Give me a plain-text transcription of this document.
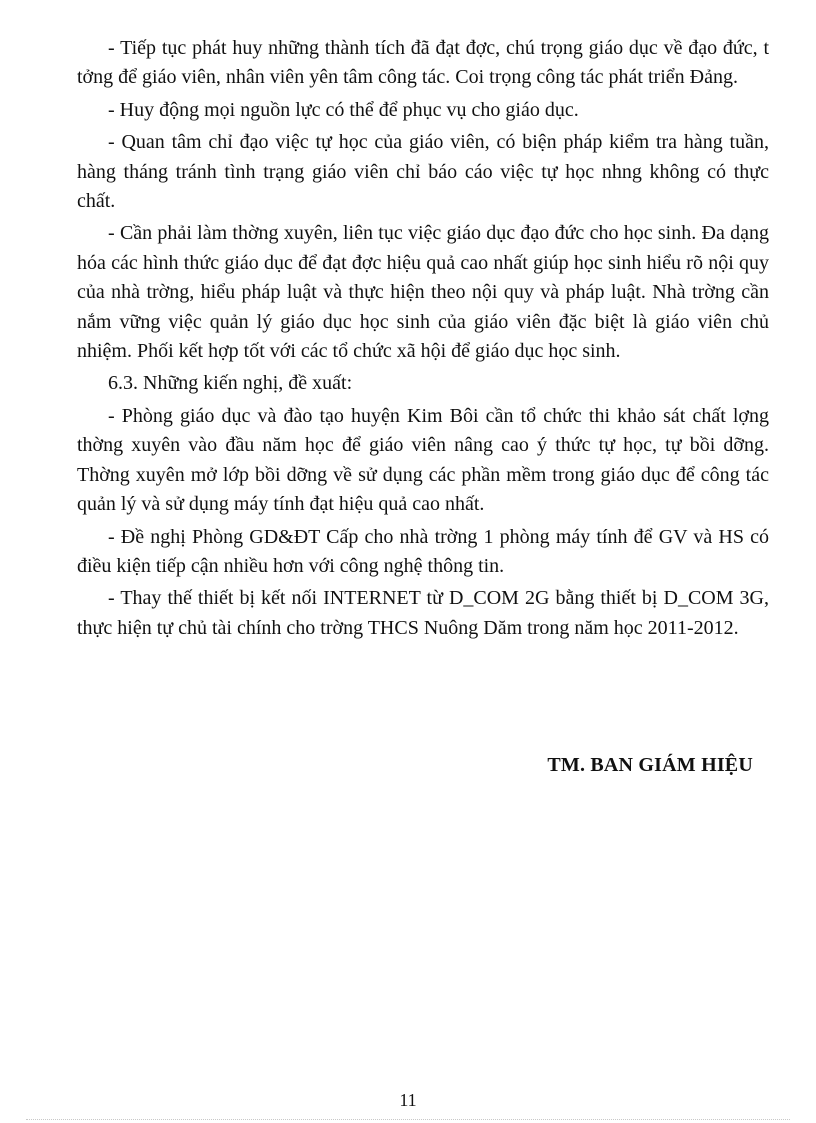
- Tiếp tục phát huy những thành tích đã đạt đợc, chú trọng giáo dục về đạo đức, t tởng để giáo viên, nhân viên yên tâm công tác. Coi trọng công tác phát triển Đảng.

- Huy động mọi nguồn lực có thể để phục vụ cho giáo dục.

- Quan tâm chỉ đạo việc tự học của giáo viên, có biện pháp kiểm tra hàng tuần, hàng tháng tránh tình trạng giáo viên chỉ báo cáo việc tự học nhng không có thực chất.

- Cần phải làm thờng xuyên, liên tục việc giáo dục đạo đức cho học sinh. Đa dạng hóa các hình thức giáo dục để đạt đợc hiệu quả cao nhất giúp học sinh hiểu rõ nội quy của nhà trờng, hiểu pháp luật và thực hiện theo nội quy và pháp luật. Nhà trờng cần nắm vững việc quản lý giáo dục học sinh của giáo viên đặc biệt là giáo viên chủ nhiệm. Phối kết hợp tốt với các tổ chức xã hội để giáo dục học sinh.

6.3. Những kiến nghị, đề xuất:

- Phòng giáo dục và đào tạo huyện Kim Bôi cần tổ chức thi khảo sát chất lợng thờng xuyên vào đầu năm học để giáo viên nâng cao ý thức tự học, tự bồi dỡng. Thờng xuyên mở lớp bồi dỡng về sử dụng các phần mềm trong giáo dục để công tác quản lý và sử dụng máy tính đạt hiệu quả cao nhất.

- Đề nghị Phòng GD&ĐT Cấp cho nhà trờng 1 phòng máy tính để GV và HS có điều kiện tiếp cận nhiều hơn với công nghệ thông tin.

- Thay thế thiết bị kết nối INTERNET từ D_COM 2G bằng thiết bị D_COM 3G, thực hiện tự chủ tài chính cho trờng THCS Nuông Dăm trong năm học 2011-2012.

TM. BAN GIÁM HIỆU
11
